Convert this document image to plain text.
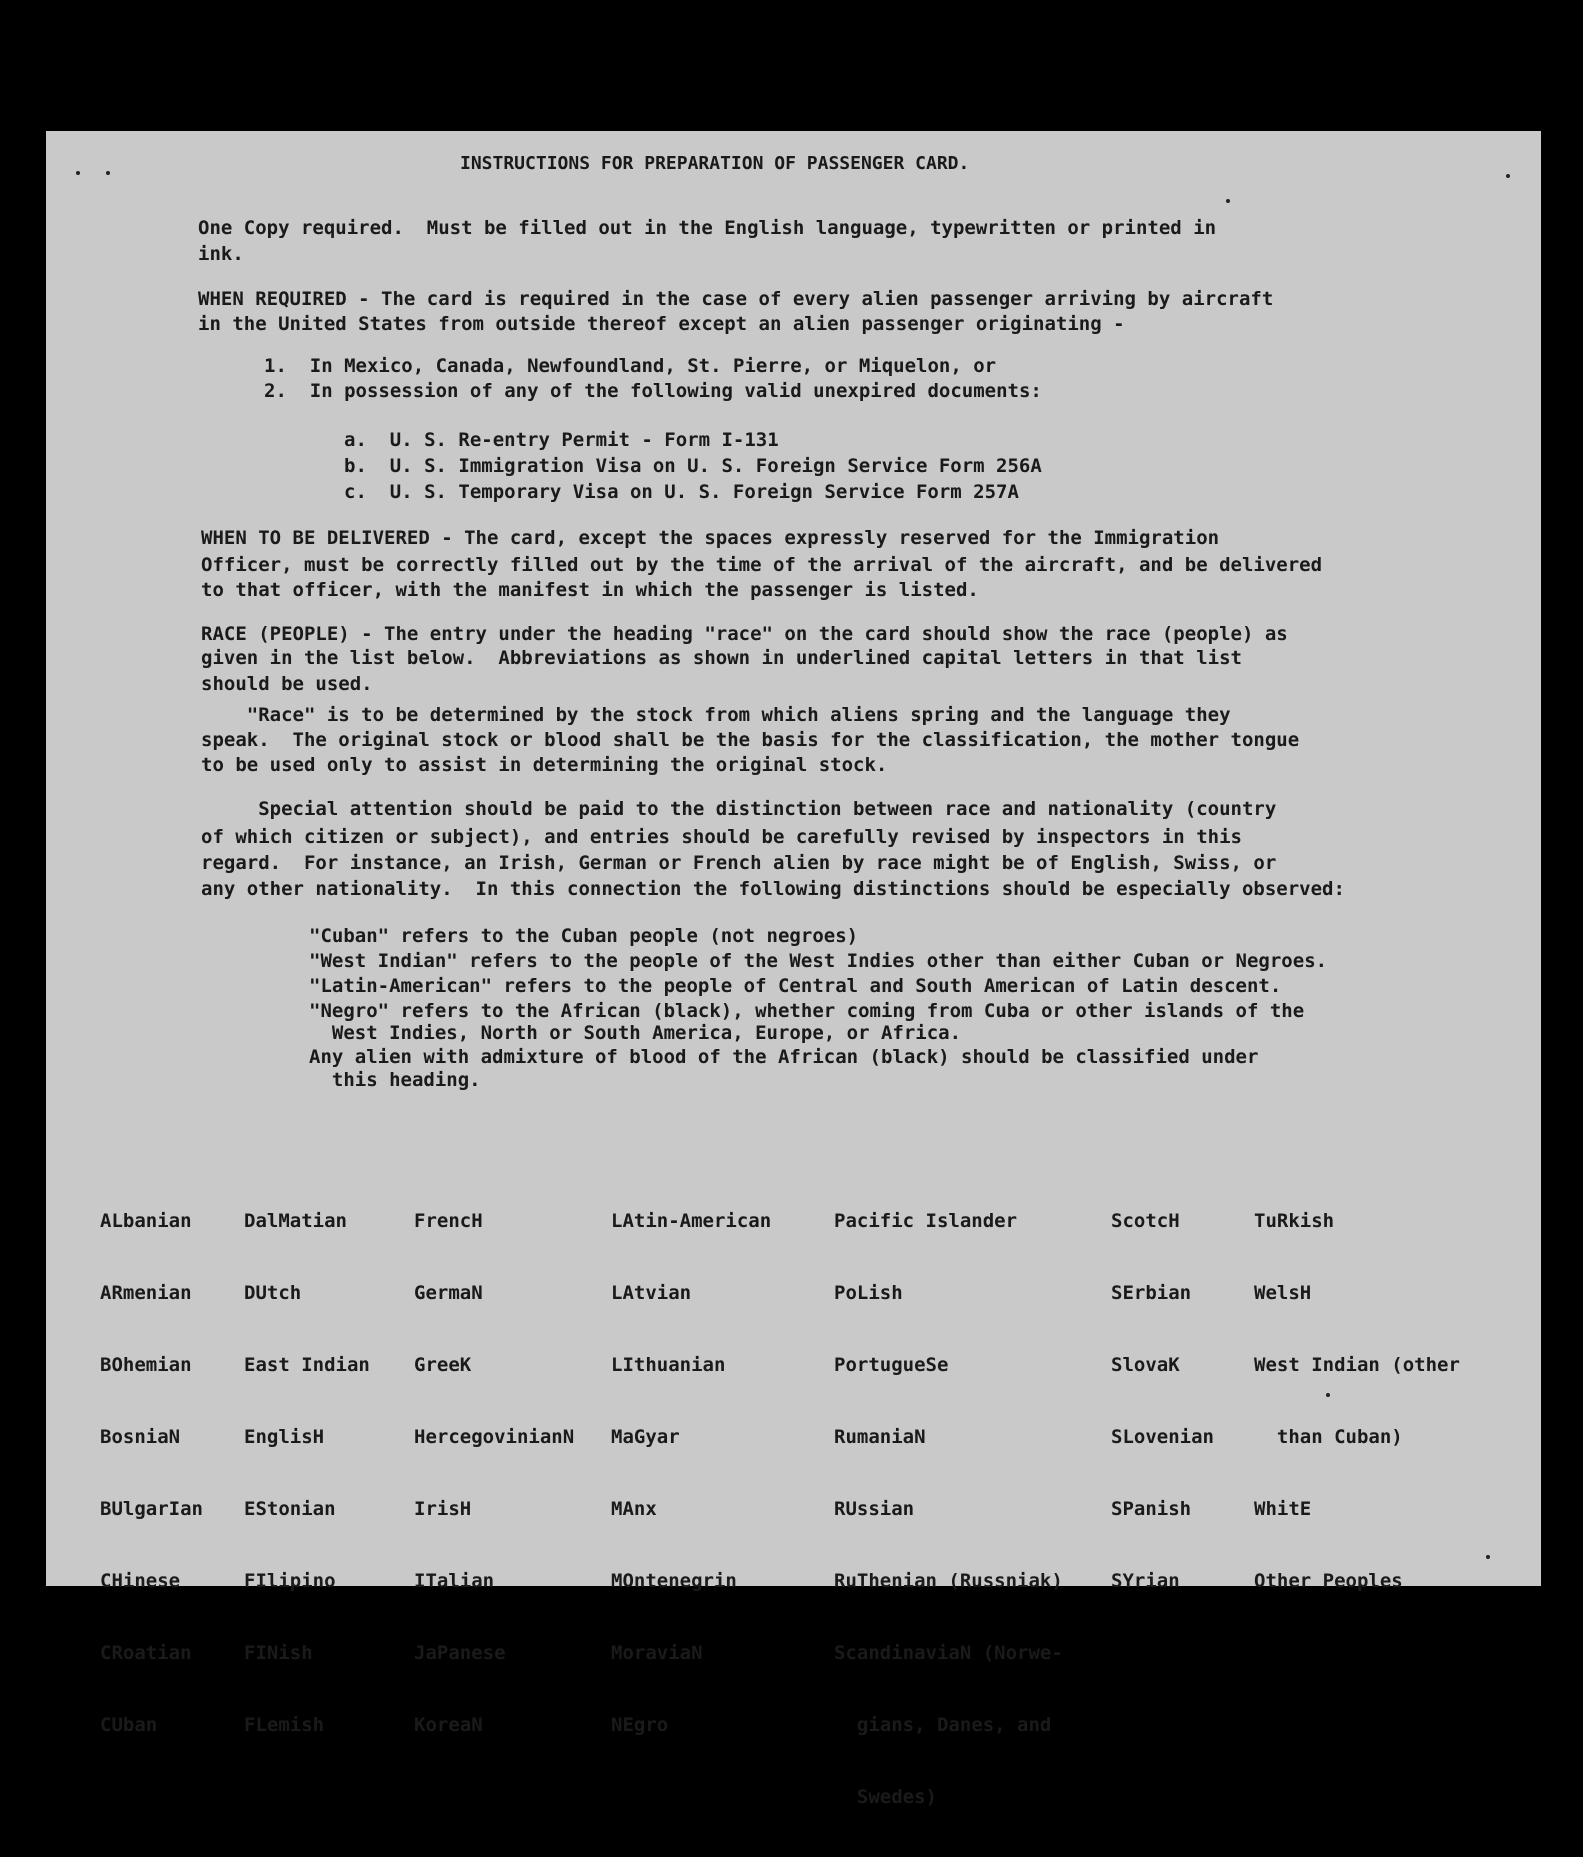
INSTRUCTIONS FOR PREPARATION OF PASSENGER CARD.
One Copy required.  Must be filled out in the English language, typewritten or printed in
ink.
WHEN REQUIRED - The card is required in the case of every alien passenger arriving by aircraft
in the United States from outside thereof except an alien passenger originating -
1.  In Mexico, Canada, Newfoundland, St. Pierre, or Miquelon, or
2.  In possession of any of the following valid unexpired documents:
a.  U. S. Re-entry Permit - Form I-131
b.  U. S. Immigration Visa on U. S. Foreign Service Form 256A
c.  U. S. Temporary Visa on U. S. Foreign Service Form 257A
WHEN TO BE DELIVERED - The card, except the spaces expressly reserved for the Immigration
Officer, must be correctly filled out by the time of the arrival of the aircraft, and be delivered
to that officer, with the manifest in which the passenger is listed.
RACE (PEOPLE) - The entry under the heading "race" on the card should show the race (people) as
given in the list below.  Abbreviations as shown in underlined capital letters in that list
should be used.
"Race" is to be determined by the stock from which aliens spring and the language they
speak.  The original stock or blood shall be the basis for the classification, the mother tongue
to be used only to assist in determining the original stock.
Special attention should be paid to the distinction between race and nationality (country
of which citizen or subject), and entries should be carefully revised by inspectors in this
regard.  For instance, an Irish, German or French alien by race might be of English, Swiss, or
any other nationality.  In this connection the following distinctions should be especially observed:
"Cuban" refers to the Cuban people (not negroes)
"West Indian" refers to the people of the West Indies other than either Cuban or Negroes.
"Latin-American" refers to the people of Central and South American of Latin descent.
"Negro" refers to the African (black), whether coming from Cuba or other islands of the
West Indies, North or South America, Europe, or Africa.
Any alien with admixture of blood of the African (black) should be classified under
this heading.

ALbanian

ARmenian

BOhemian

BosniaN

BUlgarIan

CHinese

CRoatian

CUban

DalMatian

DUtch

East Indian

EnglisH

EStonian

FIlipino

FINish

FLemish

FrencH

GermaN

GreeK

HercegovinianN

IrisH

ITalian

JaPanese

KoreaN

LAtin-American

LAtvian

LIthuanian

MaGyar

MAnx

MOntenegrin

MoraviaN

NEgro

Pacific Islander

PoLish

PortugueSe

RumaniaN

RUssian

RuThenian (Russniak)

ScandinaviaN (Norwe-

gians, Danes, and

Swedes)

ScotcH

SErbian

SlovaK

SLovenian

SPanish

SYrian

TuRkish

WelsH

West Indian (other

than Cuban)

WhitE

Other Peoples
